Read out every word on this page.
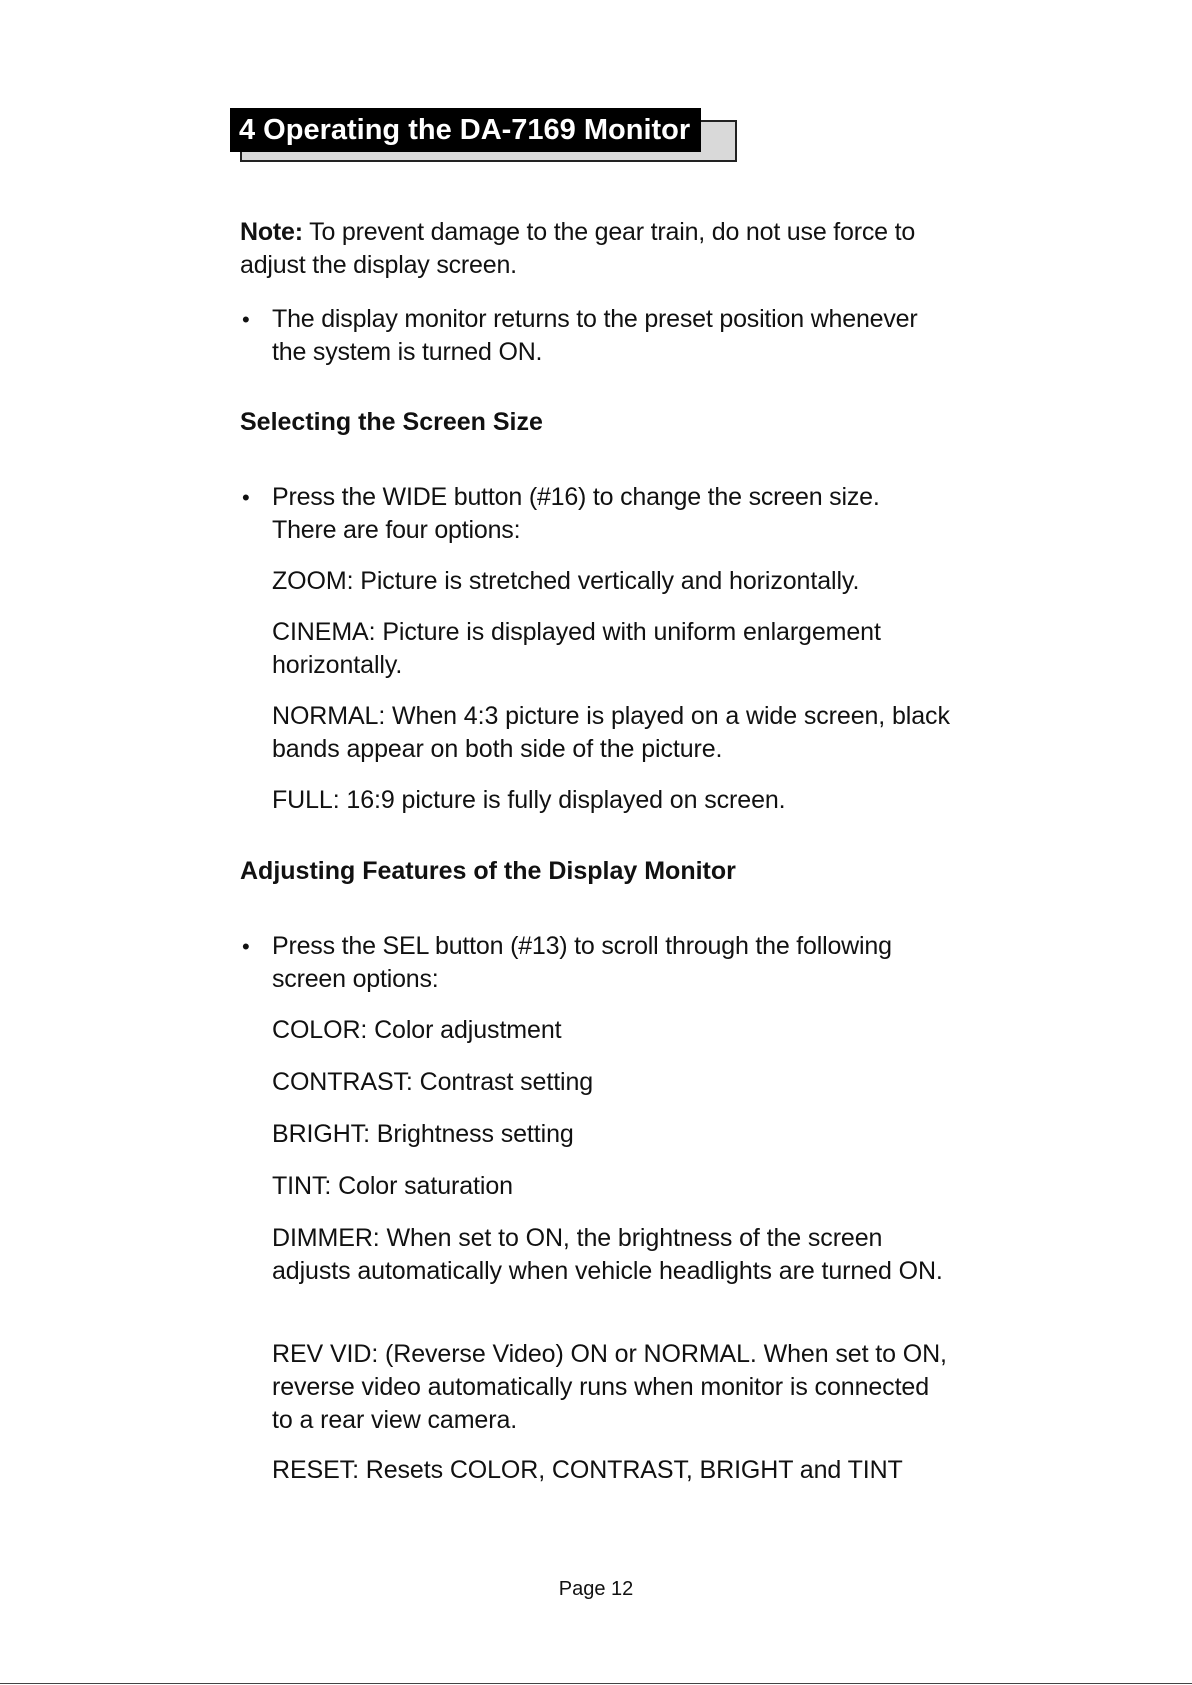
4 Operating the DA-7169 Monitor

Note: To prevent damage to the gear train, do not use force to adjust the display screen.

• The display monitor returns to the preset position whenever the system is turned ON.
Selecting the Screen Size
• Press the WIDE button (#16) to change the screen size. There are four options:

ZOOM: Picture is stretched vertically and horizontally.

CINEMA: Picture is displayed with uniform enlargement horizontally.

NORMAL: When 4:3 picture is played on a wide screen, black bands appear on both side of the picture.

FULL: 16:9 picture is fully displayed on screen.

Adjusting Features of the Display Monitor
• Press the SEL button (#13) to scroll through the following screen options:

COLOR: Color adjustment

CONTRAST: Contrast setting

BRIGHT: Brightness setting

TINT: Color saturation

DIMMER: When set to ON, the brightness of the screen adjusts automatically when vehicle headlights are turned ON.

REV VID: (Reverse Video) ON or NORMAL. When set to ON, reverse video automatically runs when monitor is connected to a rear view camera.

RESET: Resets COLOR, CONTRAST, BRIGHT and TINT

Page 12
